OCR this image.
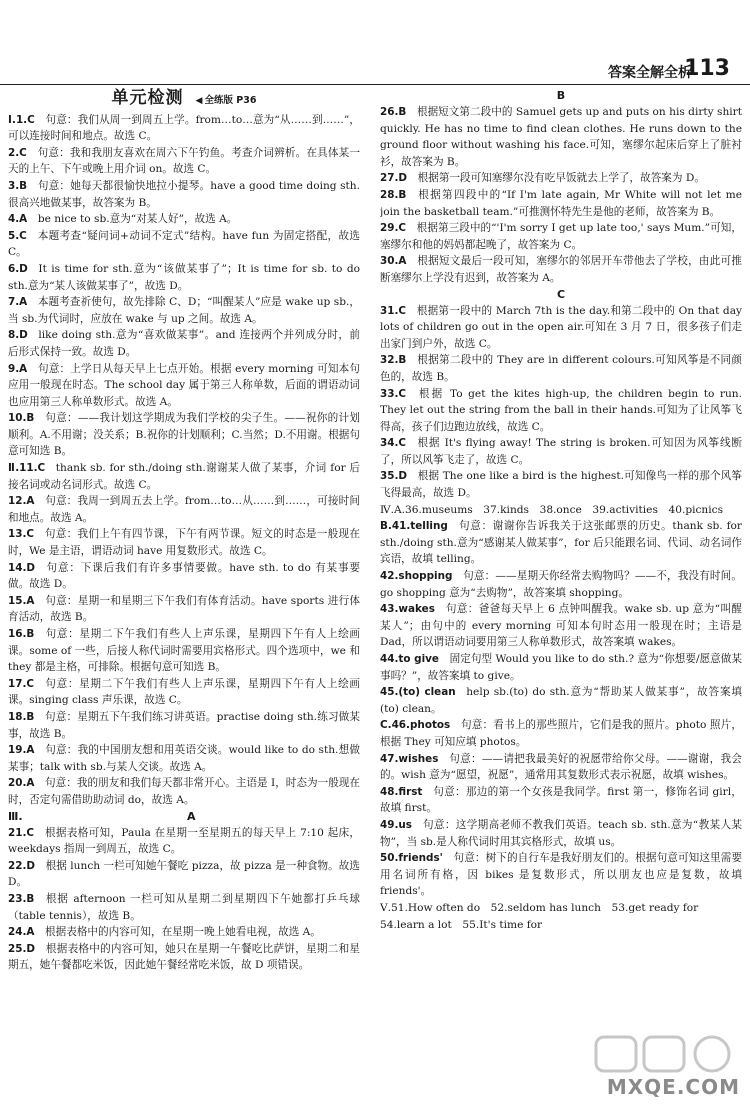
答案全解全析
113
单元检测 ◀ 全练版 P36
Ⅰ.1.C  句意：我们从周一到周五上学。from…to…意为“从……到……”，可以连接时间和地点。故选 C。
2.C  句意：我和我朋友喜欢在周六下午钓鱼。考查介词辨析。在具体某一天的上午、下午或晚上用介词 on。故选 C。
3.B  句意：她每天都很愉快地拉小提琴。have a good time doing sth.很高兴地做某事，故答案为 B。
4.A  be nice to sb.意为“对某人好”，故选 A。
5.C  本题考查“疑问词+动词不定式”结构。have fun 为固定搭配，故选 C。
6.D  It is time for sth.意为“该做某事了”；It is time for sb. to do sth.意为“某人该做某事了”，故选 D。
7.A  本题考查祈使句，故先排除 C、D；“叫醒某人”应是 wake up sb.，当 sb.为代词时，应放在 wake 与 up 之间。故选 A。
8.D  like doing sth.意为“喜欢做某事”。and 连接两个并列成分时，前后形式保持一致。故选 D。
9.A  句意：上学日从每天早上七点开始。根据 every morning 可知本句应用一般现在时态。The school day 属于第三人称单数，后面的谓语动词也应用第三人称单数形式。故选 A。
10.B  句意：——我计划这学期成为我们学校的尖子生。——祝你的计划顺利。A.不用谢；没关系；B.祝你的计划顺利；C.当然；D.不用谢。根据句意可知选 B。
Ⅱ.11.C  thank sb. for sth./doing sth.谢谢某人做了某事，介词 for 后接名词或动名词形式。故选 C。
12.A  句意：我周一到周五去上学。from…to…从……到……，可接时间和地点。故选 A。
13.C  句意：我们上午有四节课，下午有两节课。短文的时态是一般现在时，We 是主语，谓语动词 have 用复数形式。故选 C。
14.D  句意：下课后我们有许多事情要做。have sth. to do 有某事要做。故选 D。
15.A  句意：星期一和星期三下午我们有体育活动。have sports 进行体育活动，故选 B。
16.B  句意：星期二下午我们有些人上声乐课，星期四下午有人上绘画课。some of 一些，后接人称代词时需要用宾格形式。四个选项中，we 和 they 都是主格，可排除。根据句意可知选 B。
17.C  句意：星期二下午我们有些人上声乐课，星期四下午有人上绘画课。singing class 声乐课，故选 C。
18.B  句意：星期五下午我们练习讲英语。practise doing sth.练习做某事，故选 B。
19.A  句意：我的中国朋友想和用英语交谈。would like to do sth.想做某事；talk with sb.与某人交谈。故选 A。
20.A  句意：我的朋友和我们每天都非常开心。主语是 I，时态为一般现在时，否定句需借助助动词 do，故选 A。
Ⅲ.	A
21.C  根据表格可知，Paula 在星期一至星期五的每天早上 7:10 起床，weekdays 指周一到周五，故选 C。
22.D  根据 lunch 一栏可知她午餐吃 pizza，故 pizza 是一种食物。故选 D。
23.B  根据 afternoon 一栏可知从星期二到星期四下午她都打乒乓球（table tennis），故选 B。
24.A  根据表格中的内容可知，在星期一晚上她看电视，故选 A。
25.D  根据表格中的内容可知，她只在星期一午餐吃比萨饼，星期二和星期五，她午餐都吃米饭，因此她午餐经常吃米饭，故 D 项错误。
B
26.B  根据短文第二段中的 Samuel gets up and puts on his dirty shirt quickly. He has no time to find clean clothes. He runs down to the ground floor without washing his face.可知，塞缪尔起床后穿上了脏衬衫，故答案为 B。
27.D  根据第一段可知塞缪尔没有吃早饭就去上学了，故答案为 D。
28.B  根据第四段中的“If I'm late again, Mr White will not let me join the basketball team.”可推测怀特先生是他的老师，故答案为 B。
29.C  根据第三段中的“'I'm sorry I get up late too,' says Mum.”可知，塞缪尔和他的妈妈都起晚了，故答案为 C。
30.A  根据短文最后一段可知，塞缪尔的邻居开车带他去了学校，由此可推断塞缪尔上学没有迟到，故答案为 A。
C
31.C  根据第一段中的 March 7th is the day.和第二段中的 On that day lots of children go out in the open air.可知在 3 月 7 日，很多孩子们走出家门到户外，故选 C。
32.B  根据第二段中的 They are in different colours.可知风筝是不同颜色的，故选 B。
33.C  根据 To get the kites high-up, the children begin to run. They let out the string from the ball in their hands.可知为了让风筝飞得高，孩子们边跑边放线，故选 C。
34.C  根据 It's flying away! The string is broken.可知因为风筝线断了，所以风筝飞走了，故选 C。
35.D  根据 The one like a bird is the highest.可知像鸟一样的那个风筝飞得最高，故选 D。
Ⅳ.A.36.museums　37.kinds　38.once　39.activities　40.picnics
B.41.telling  句意：谢谢你告诉我关于这张邮票的历史。thank sb. for sth./doing sth.意为“感谢某人做某事”，for 后只能跟名词、代词、动名词作宾语，故填 telling。
42.shopping  句意：——星期天你经常去购物吗？——不，我没有时间。go shopping 意为“去购物”，故答案填 shopping。
43.wakes  句意：爸爸每天早上 6 点钟叫醒我。wake sb. up 意为“叫醒某人”；由句中的 every morning 可知本句时态用一般现在时；主语是 Dad，所以谓语动词要用第三人称单数形式，故答案填 wakes。
44.to give  固定句型 Would you like to do sth.? 意为“你想要/愿意做某事吗？”，故答案填 to give。
45.(to) clean  help sb.(to) do sth.意为“帮助某人做某事”，故答案填(to) clean。
C.46.photos  句意：看书上的那些照片，它们是我的照片。photo 照片，根据 They 可知应填 photos。
47.wishes  句意：——请把我最美好的祝愿带给你父母。——谢谢，我会的。wish 意为“愿望，祝愿”，通常用其复数形式表示祝愿，故填 wishes。
48.first  句意：那边的第一个女孩是我同学。first 第一，修饰名词 girl，故填 first。
49.us  句意：这学期高老师不教我们英语。teach sb. sth.意为“教某人某物”，当 sb.是人称代词时用其宾格形式，故填 us。
50.friends'  句意：树下的自行车是我好朋友们的。根据句意可知这里需要用名词所有格，因 bikes 是复数形式，所以朋友也应是复数，故填 friends'。
Ⅴ.51.How often do　52.seldom has lunch　53.get ready for
54.learn a lot　55.It's time for
MXQE.COM
